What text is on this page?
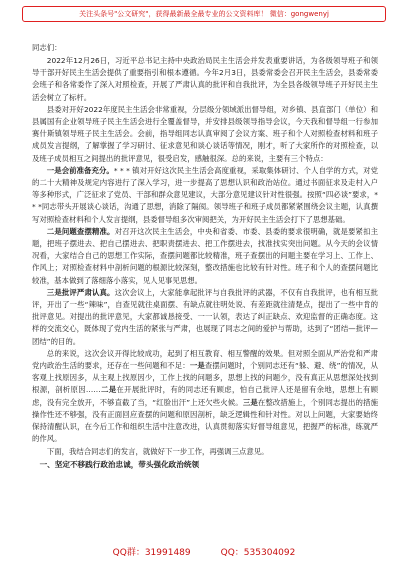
关注头条号"公文研究"，获得最新最全最专业的公文资料库！ 微信：gongwenyj

同志们：

2022年12月26日，习近平总书记主持中央政治局民主生活会并发表重要讲话，为各级领导班子和领导干部开好民主生活会提供了重要指引和根本遵循。今年2月3日，县委常委会召开民主生活会，县委常委会班子和各常委作了深入对照检查，开展了严肃认真的批评和自我批评，为全县各级领导班子开好民主生活会树立了标杆。

县委对开好2022年度民主生活会非常重视，分层级分领域派出督导组，对乡镇、县直部门（单位）和县属国有企业领导班子民主生活会进行全覆盖督导，并安排县级领导指导会议，今天我和督导组一行参加赛什斯镇领导班子民主生活会。会前，指导组同志认真审阅了会议方案、班子和个人对照检查材料和班子成员发言提纲，了解掌握了学习研讨、征求意见和谈心谈话等情况，刚才，听了大家所作的对照检查，以及班子成员相互之间提出的批评意见，很受启发，感触很深。总的来说，主要有三个特点：

一是会前准备充分。* * * 镇对开好这次民主生活会高度重视，采取集体研讨、个人自学的方式，对党的二十大精神及规定内容进行了深入学习，进一步提高了思想认识和政治站位。通过书面征求及走村入户等多种形式，广泛征求了党员、干部和群众意见建议，大部分意见建议针对性很强。按照“四必谈”要求，* * *同志带头开展谈心谈话，沟通了思想，消除了隔阂。领导班子和班子成员都紧紧围绕会议主题，认真撰写对照检查材料和个人发言提纲，县委督导组多次审阅把关，为开好民主生活会打下了思想基础。

二是问题查摆精准。对召开这次民主生活会，中央和省委、市委、县委的要求很明确，就是要紧扣主题，把班子摆进去、把自己摆进去、把职责摆进去、把工作摆进去，找准找实突出问题。从今天的会议情况看，大家结合自己的思想工作实际，查摆问题都比较精准，班子查摆出的问题主要在学习上、工作上、作风上；对照检查材料中剖析问题的根源比较深刻，整改措施也比较有针对性。班子和个人的查摆问题比较准，基本做到了落细落小落实，见人见事见思想。

三是批评严肃认真。这次会议上，大家能拿起批评与自我批评的武器，不仅有自我批评，也有相互批评，开出了一些“辣味”，自查见就往桌面摆、有缺点就往明处说、有差距就往清楚点，提出了一些中肯的批评意见。对提出的批评意见，大家都诚恳接受、一一认领，表达了纠正缺点、欢迎监督的正确态度。这样的交流交心，既体现了党内生活的紧张与严肃，也展现了同志之间的爱护与帮助，达到了“团结—批评—团结”的目的。

总的来说，这次会议开得比较成功，起到了相互教育、相互警醒的效果。但对照全面从严治党和严肃党内政治生活的要求，还存在一些问题和不足：一是查摆问题时，个别同志还有“躲、避、绕”的情况，从客观上找原因多，从主观上找原因少，工作上找的问题多，思想上找的问题少，没有真正从思想深处找到根源，剖析原因……二是在开展批评时，有的同志还有顾虑，怕自己批评人还是留有余地，思想上有顾虑，没有完全放开，不够直截了当，“红脸出汗”上还欠些火候。三是在整改措施上，个别同志提出的措施操作性还不够强，没有正面回应查摆的问题和原因剖析，缺乏逻辑性和针对性。对以上问题，大家要始终保持清醒认识，在今后工作和组织生活中注意改进，认真贯彻落实好督导组意见，把握严的标准，练就严的作风。

下面，我结合同志们的发言，就做好下一步工作，再强调三点意见。

一、坚定不移践行政治忠诚，带头强化政治统领

QQ群：31991489	QQ：535304092
